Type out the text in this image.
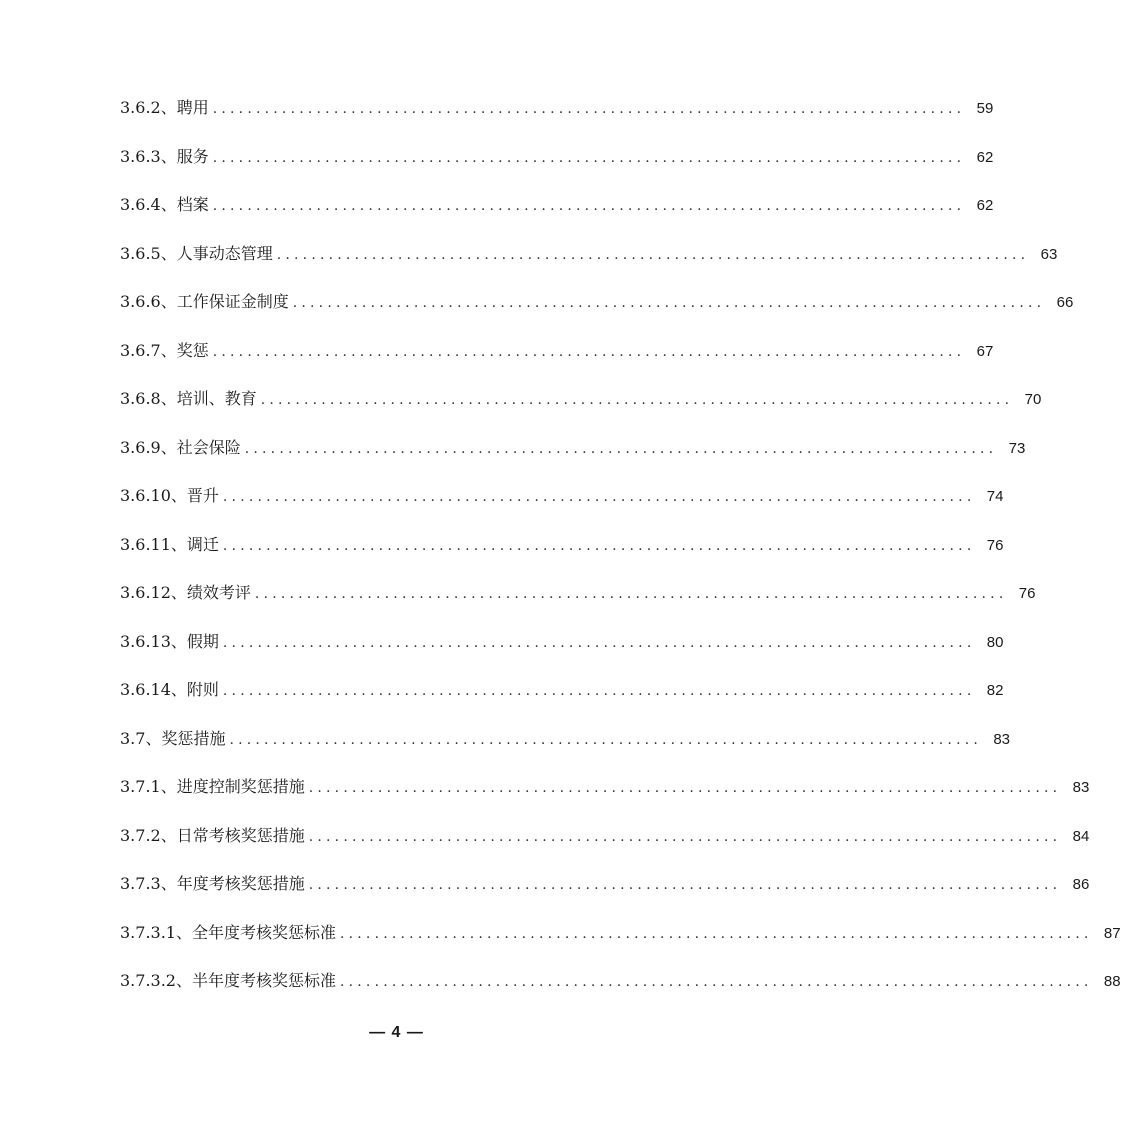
3.6.2、聘用 ....................................................................................... 59
3.6.3、服务 ....................................................................................... 62
3.6.4、档案 ....................................................................................... 62
3.6.5、人事动态管理 ....................................................................................... 63
3.6.6、工作保证金制度 ....................................................................................... 66
3.6.7、奖惩 ....................................................................................... 67
3.6.8、培训、教育 ....................................................................................... 70
3.6.9、社会保险 ....................................................................................... 73
3.6.10、晋升 ....................................................................................... 74
3.6.11、调迁 ....................................................................................... 76
3.6.12、绩效考评 ....................................................................................... 76
3.6.13、假期 ....................................................................................... 80
3.6.14、附则 ....................................................................................... 82
3.7、奖惩措施 ....................................................................................... 83
3.7.1、进度控制奖惩措施 ....................................................................................... 83
3.7.2、日常考核奖惩措施 ....................................................................................... 84
3.7.3、年度考核奖惩措施 ....................................................................................... 86
3.7.3.1、全年度考核奖惩标准 ....................................................................................... 87
3.7.3.2、半年度考核奖惩标准 ....................................................................................... 88
— 4 —
